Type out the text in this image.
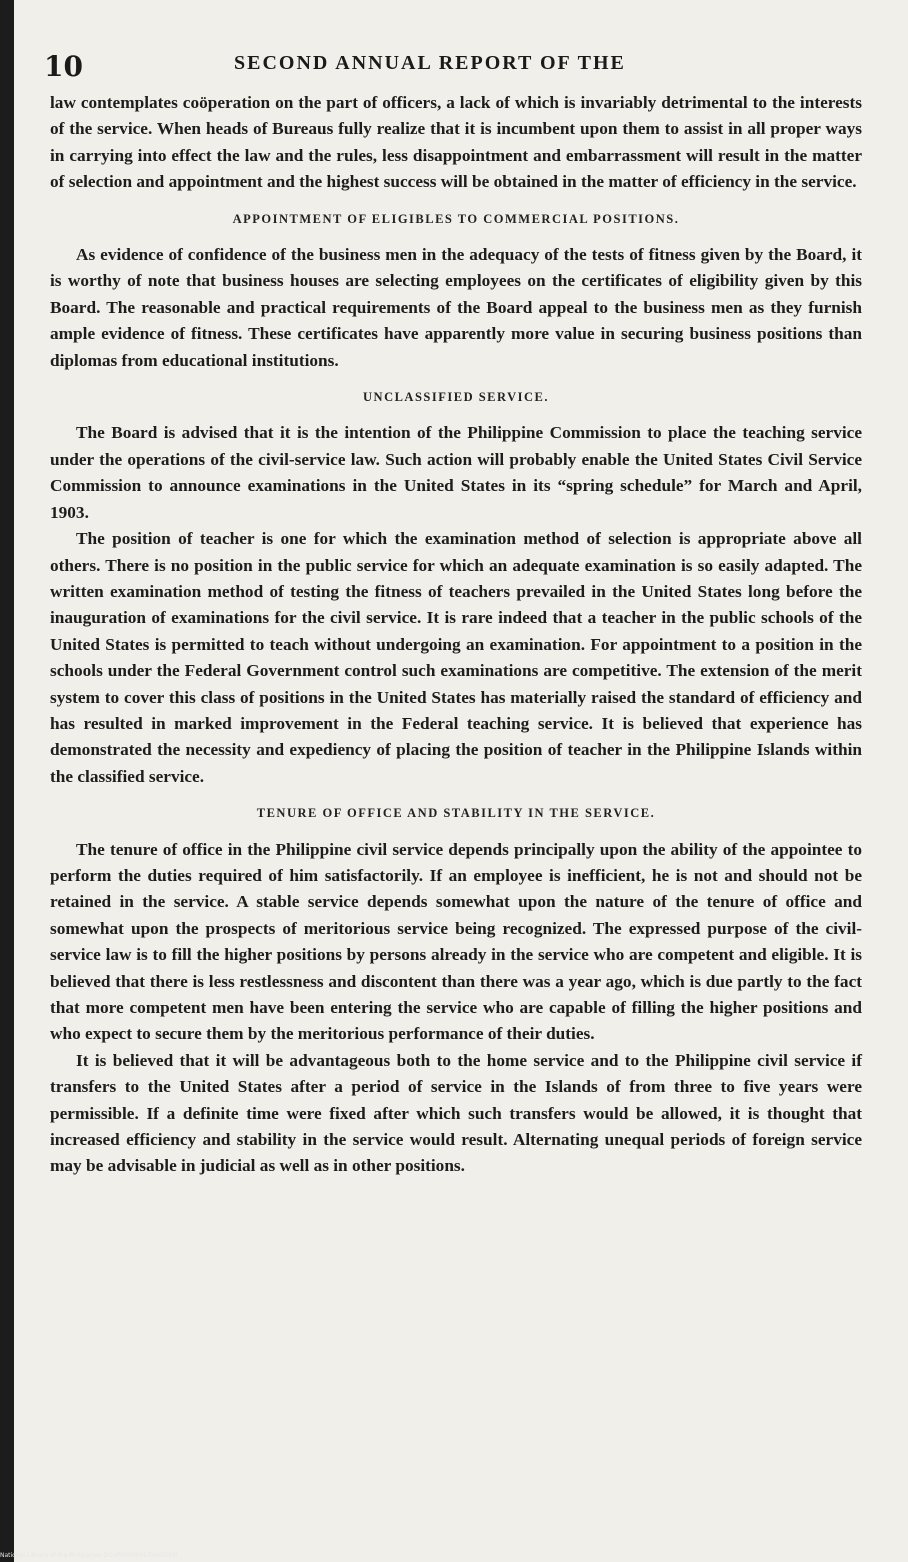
10	SECOND ANNUAL REPORT OF THE

law contemplates coöperation on the part of officers, a lack of which is invariably detrimental to the interests of the service. When heads of Bureaus fully realize that it is incumbent upon them to assist in all proper ways in carrying into effect the law and the rules, less disappointment and embarrassment will result in the matter of selection and appointment and the highest success will be obtained in the matter of efficiency in the service.

APPOINTMENT OF ELIGIBLES TO COMMERCIAL POSITIONS.

As evidence of confidence of the business men in the adequacy of the tests of fitness given by the Board, it is worthy of note that business houses are selecting employees on the certificates of eligibility given by this Board. The reasonable and practical requirements of the Board appeal to the business men as they furnish ample evidence of fitness. These certificates have apparently more value in securing business positions than diplomas from educational institutions.

UNCLASSIFIED SERVICE.

The Board is advised that it is the intention of the Philippine Commission to place the teaching service under the operations of the civil-service law. Such action will probably enable the United States Civil Service Commission to announce examinations in the United States in its “spring schedule” for March and April, 1903.

The position of teacher is one for which the examination method of selection is appropriate above all others. There is no position in the public service for which an adequate examination is so easily adapted. The written examination method of testing the fitness of teachers prevailed in the United States long before the inauguration of examinations for the civil service. It is rare indeed that a teacher in the public schools of the United States is permitted to teach without undergoing an examination. For appointment to a position in the schools under the Federal Government control such examinations are competitive. The extension of the merit system to cover this class of positions in the United States has materially raised the standard of efficiency and has resulted in marked improvement in the Federal teaching service. It is believed that experience has demonstrated the necessity and expediency of placing the position of teacher in the Philippine Islands within the classified service.

TENURE OF OFFICE AND STABILITY IN THE SERVICE.

The tenure of office in the Philippine civil service depends principally upon the ability of the appointee to perform the duties required of him satisfactorily. If an employee is inefficient, he is not and should not be retained in the service. A stable service depends somewhat upon the nature of the tenure of office and somewhat upon the prospects of meritorious service being recognized. The expressed purpose of the civil-service law is to fill the higher positions by persons already in the service who are competent and eligible. It is believed that there is less restlessness and discontent than there was a year ago, which is due partly to the fact that more competent men have been entering the service who are capable of filling the higher positions and who expect to secure them by the meritorious performance of their duties.

It is believed that it will be advantageous both to the home service and to the Philippine civil service if transfers to the United States after a period of service in the Islands of from three to five years were permissible. If a definite time were fixed after which such transfers would be allowed, it is thought that increased efficiency and stability in the service would result. Alternating unequal periods of foreign service may be advisable in judicial as well as in other positions.

National Library of the Philippines DO1P0000001750010l3l
